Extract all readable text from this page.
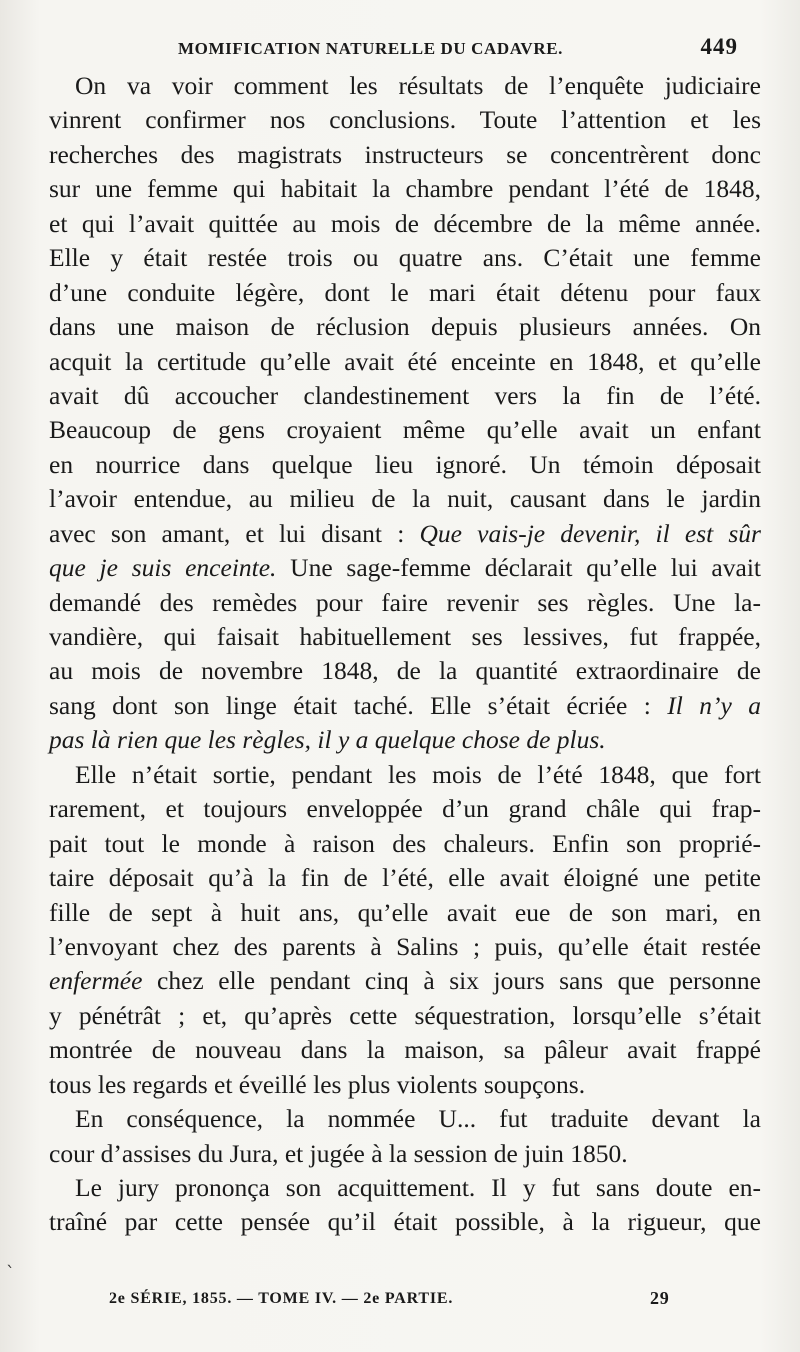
MOMIFICATION NATURELLE DU CADAVRE.	449
On va voir comment les résultats de l’enquête judiciaire
vinrent confirmer nos conclusions. Toute l’attention et les
recherches des magistrats instructeurs se concentrèrent donc
sur une femme qui habitait la chambre pendant l’été de 1848,
et qui l’avait quittée au mois de décembre de la même année.
Elle y était restée trois ou quatre ans. C’était une femme
d’une conduite légère, dont le mari était détenu pour faux
dans une maison de réclusion depuis plusieurs années. On
acquit la certitude qu’elle avait été enceinte en 1848, et qu’elle
avait dû accoucher clandestinement vers la fin de l’été.
Beaucoup de gens croyaient même qu’elle avait un enfant
en nourrice dans quelque lieu ignoré. Un témoin déposait
l’avoir entendue, au milieu de la nuit, causant dans le jardin
avec son amant, et lui disant : Que vais-je devenir, il est sûr
que je suis enceinte. Une sage-femme déclarait qu’elle lui avait
demandé des remèdes pour faire revenir ses règles. Une la-
vandière, qui faisait habituellement ses lessives, fut frappée,
au mois de novembre 1848, de la quantité extraordinaire de
sang dont son linge était taché. Elle s’était écriée : Il n’y a
pas là rien que les règles, il y a quelque chose de plus.
Elle n’était sortie, pendant les mois de l’été 1848, que fort
rarement, et toujours enveloppée d’un grand châle qui frap-
pait tout le monde à raison des chaleurs. Enfin son proprié-
taire déposait qu’à la fin de l’été, elle avait éloigné une petite
fille de sept à huit ans, qu’elle avait eue de son mari, en
l’envoyant chez des parents à Salins ; puis, qu’elle était restée
enfermée chez elle pendant cinq à six jours sans que personne
y pénétrât ; et, qu’après cette séquestration, lorsqu’elle s’était
montrée de nouveau dans la maison, sa pâleur avait frappé
tous les regards et éveillé les plus violents soupçons.
En conséquence, la nommée U... fut traduite devant la
cour d’assises du Jura, et jugée à la session de juin 1850.
Le jury prononça son acquittement. Il y fut sans doute en-
traîné par cette pensée qu’il était possible, à la rigueur, que
2e SÉRIE, 1855. — TOME IV. — 2e PARTIE.	29
`
